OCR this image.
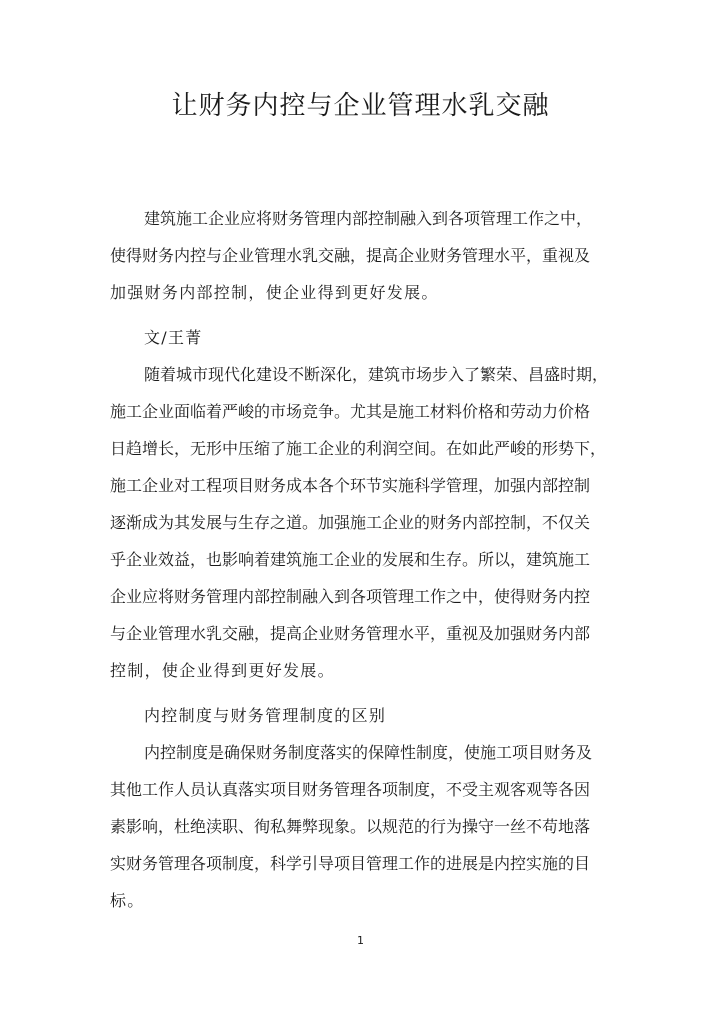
让财务内控与企业管理水乳交融
建筑施工企业应将财务管理内部控制融入到各项管理工作之中，
使得财务内控与企业管理水乳交融，提高企业财务管理水平，重视及
加强财务内部控制，使企业得到更好发展。
文/王菁
随着城市现代化建设不断深化，建筑市场步入了繁荣、昌盛时期，
施工企业面临着严峻的市场竞争。尤其是施工材料价格和劳动力价格
日趋增长，无形中压缩了施工企业的利润空间。在如此严峻的形势下，
施工企业对工程项目财务成本各个环节实施科学管理，加强内部控制
逐渐成为其发展与生存之道。加强施工企业的财务内部控制，不仅关
乎企业效益，也影响着建筑施工企业的发展和生存。所以，建筑施工
企业应将财务管理内部控制融入到各项管理工作之中，使得财务内控
与企业管理水乳交融，提高企业财务管理水平，重视及加强财务内部
控制，使企业得到更好发展。
内控制度与财务管理制度的区别
内控制度是确保财务制度落实的保障性制度，使施工项目财务及
其他工作人员认真落实项目财务管理各项制度，不受主观客观等各因
素影响，杜绝渎职、徇私舞弊现象。以规范的行为操守一丝不苟地落
实财务管理各项制度，科学引导项目管理工作的进展是内控实施的目
标。
1
